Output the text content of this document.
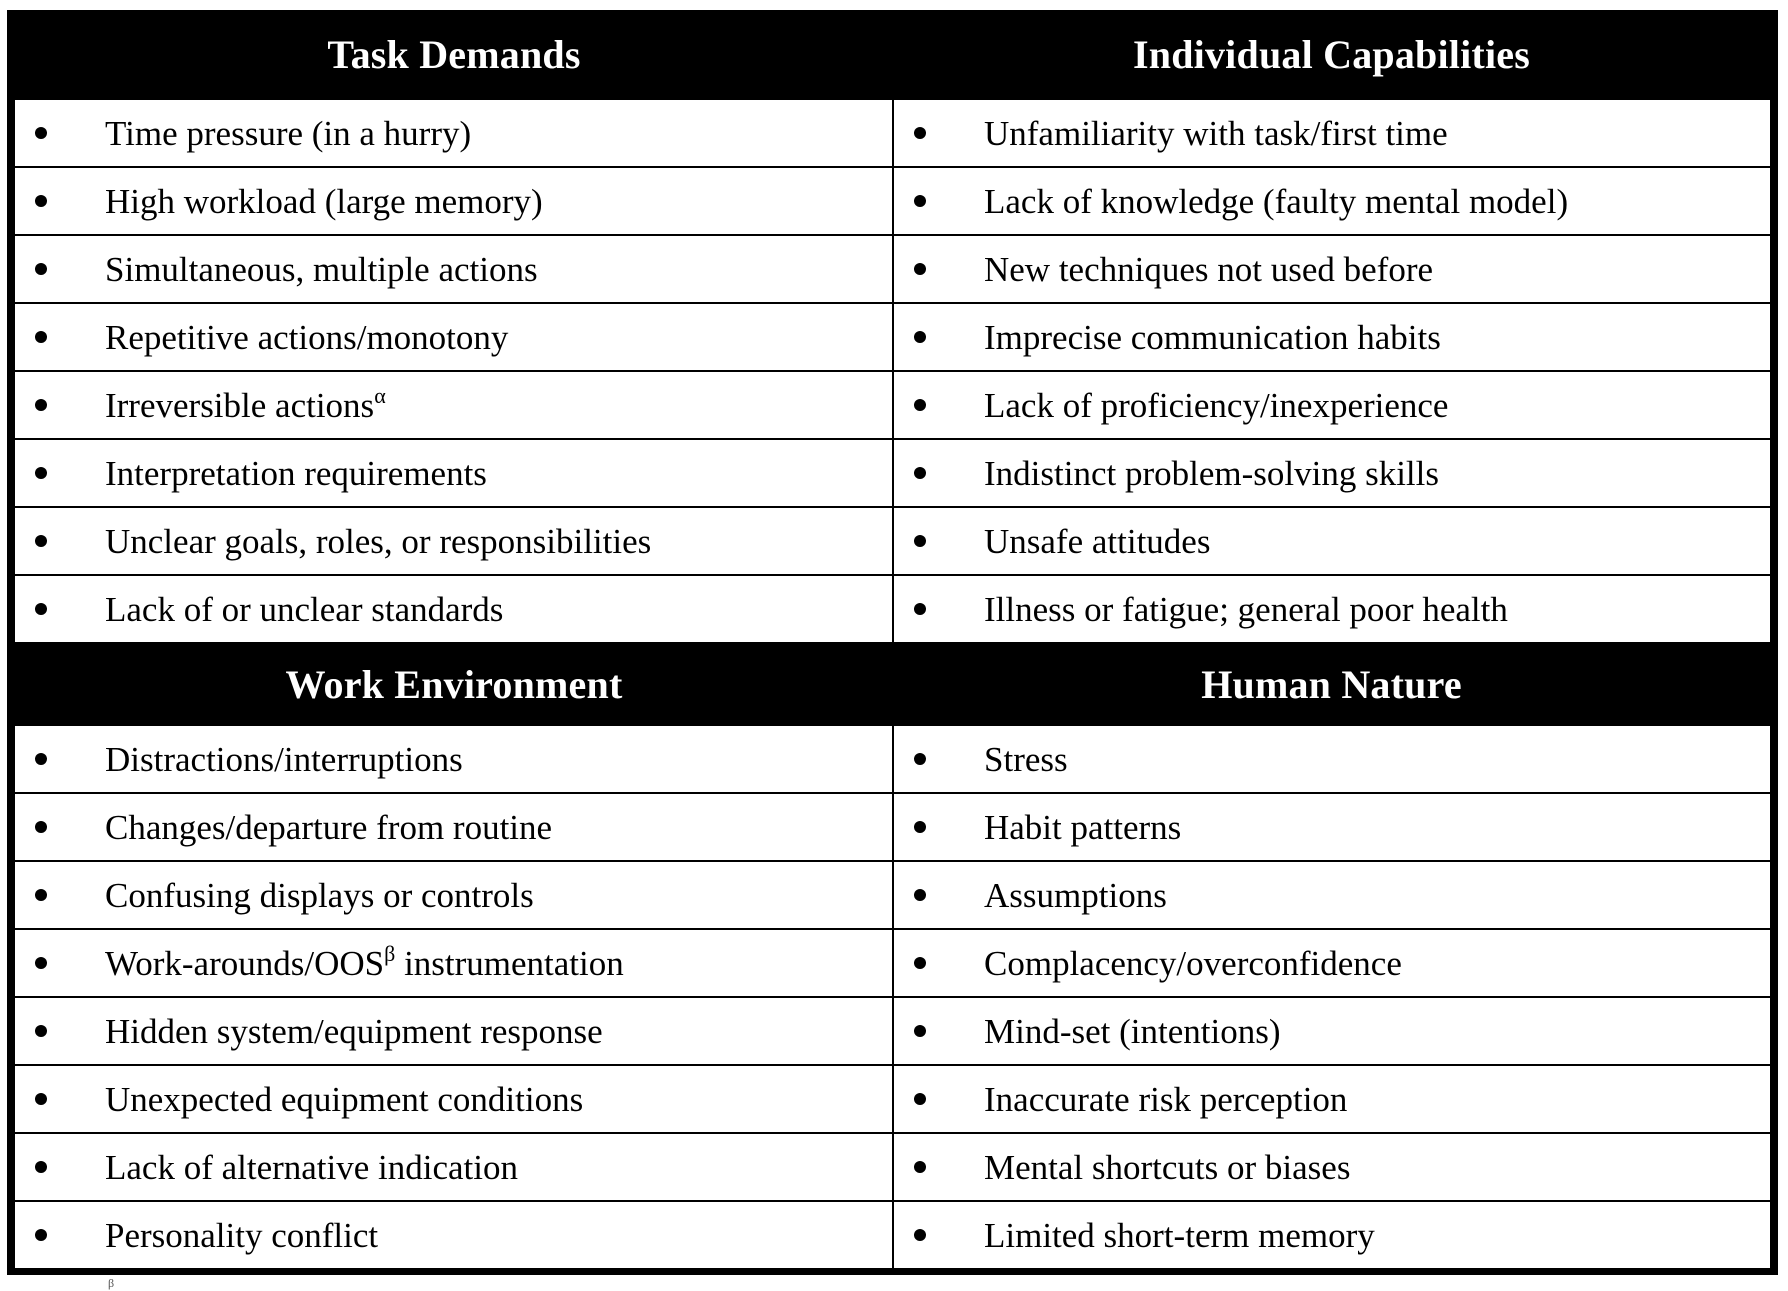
Task Demands	Individual Capabilities

Time pressure (in a hurry)	Unfamiliarity with task/first time

High workload (large memory)	Lack of knowledge (faulty mental model)

Simultaneous, multiple actions	New techniques not used before

Repetitive actions/monotony	Imprecise communication habits

Irreversible actions$^\alpha$	Lack of proficiency/inexperience

Interpretation requirements	Indistinct problem-solving skills

Unclear goals, roles, or responsibilities	Unsafe attitudes

Lack of or unclear standards	Illness or fatigue; general poor health

Work Environment	Human Nature

Distractions/interruptions	Stress

Changes/departure from routine	Habit patterns

Confusing displays or controls	Assumptions

Work-$arounds/OOS^\beta$ instrumentation	Complacency/overconfidence

Hidden system/equipment response	Mind-set (intentions)

Unexpected equipment conditions	Inaccurate risk perception

Lack of alternative indication	Mental shortcuts or biases

Personality conflict	Limited short-term memory
β
